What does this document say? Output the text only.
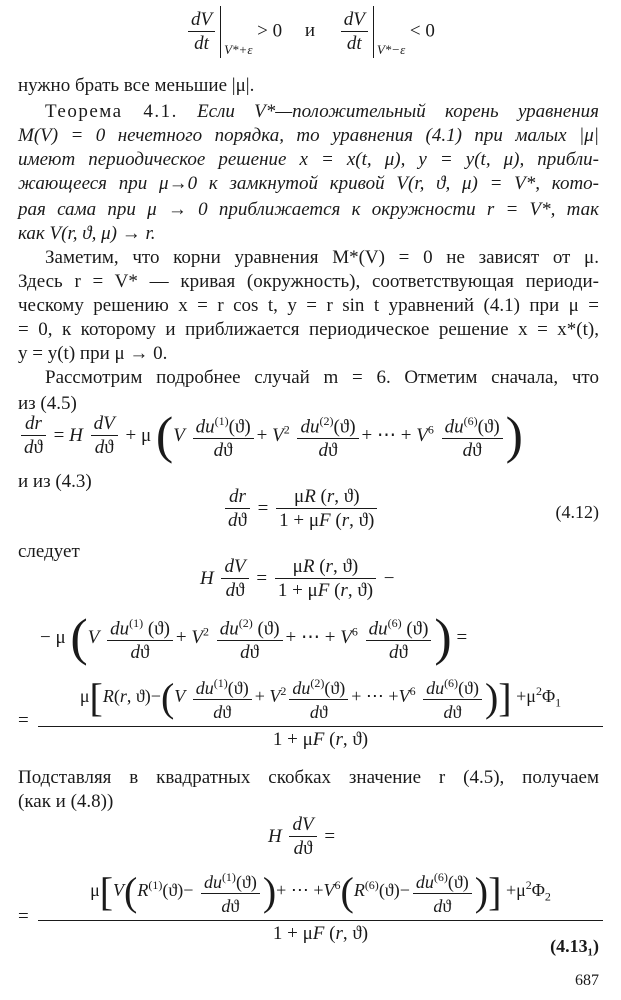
$\frac{dV}{dt} V*+\varepsilon$
> 0 и $\frac{dV}{dt} V*-\varepsilon$
< 0
нужно брать все меньшие |μ|.
Теорема 4.1. Если V*—положительный корень уравнения
M(V) = 0 нечетного порядка, то уравнения (4.1) при малых |μ|
имеют периодическое решение x = x(t, μ), y = y(t, μ), прибли-
жающееся при μ→0 к замкнутой кривой V(r, ϑ, μ) = V*, кото-
рая сама при μ → 0 приближается к окружности r = V*, так
как V(r, ϑ, μ) → r.
Заметим, что корни уравнения M*(V) = 0 не зависят от μ.
Здесь r = V* — кривая (окружность), соответствующая периоди-
ческому решению x = r cos t, y = r sin t уравнений (4.1) при μ =
= 0, к которому и приближается периодическое решение x = x*(t),
y = y(t) при μ → 0.
Рассмотрим подробнее случай m = 6. Отметим сначала, что
из (4.5)
$\frac{dr}{dϑ} = H \frac{dV}{dϑ} + \mu$ ($V \frac{du^{(1)}(ϑ)}{dϑ} + V^2 \frac{du^{(2)}(ϑ)}{dϑ}$ + ⋯ + $V^6 \frac{du^{(6)}(ϑ)}{dϑ}$ )
и из (4.3)
$\frac{dr}{dϑ} = \frac{\mu R (r, ϑ)}{1 + \mu F (r, ϑ)}$	(4.12)
следует
H $\frac{dV}{dϑ} = \frac{\mu R (r, ϑ)}{1 + \mu F (r, ϑ)}$ −
− μ ($V \frac{du^{(1)} (ϑ)}{dϑ} + V^2 \frac{du^{(2)} (ϑ)}{dϑ}$ + ⋯ + $V^6 \frac{du^{(6)} (ϑ)}{dϑ}$ ) =
=
μ[R(r, $ϑ)-(V \frac{du^{(1)}(ϑ)}{dϑ} + V^2 \frac{du^{(2)}(ϑ)}{dϑ}$ + ⋯ $+V^6 \frac{du^{(6)}(ϑ)}{dϑ}$ )] $+\mu^2\Phi_1$
1 + μF (r, ϑ)
Подставляя в квадратных скобках значение r (4.5), получаем
(как и (4.8))
H $\frac{dV}{dϑ}$ =
=
$\mu[V(R^{(1)}(ϑ)- \frac{du^{(1)}(ϑ)}{dϑ}$ )+ ⋯ $+V^6(R^{(6)}(ϑ)- \frac{du^{(6)}(ϑ)}{dϑ}$ )] $+\mu^2\Phi_2$
1 + μF (r, ϑ)
(4.13₁)
687
